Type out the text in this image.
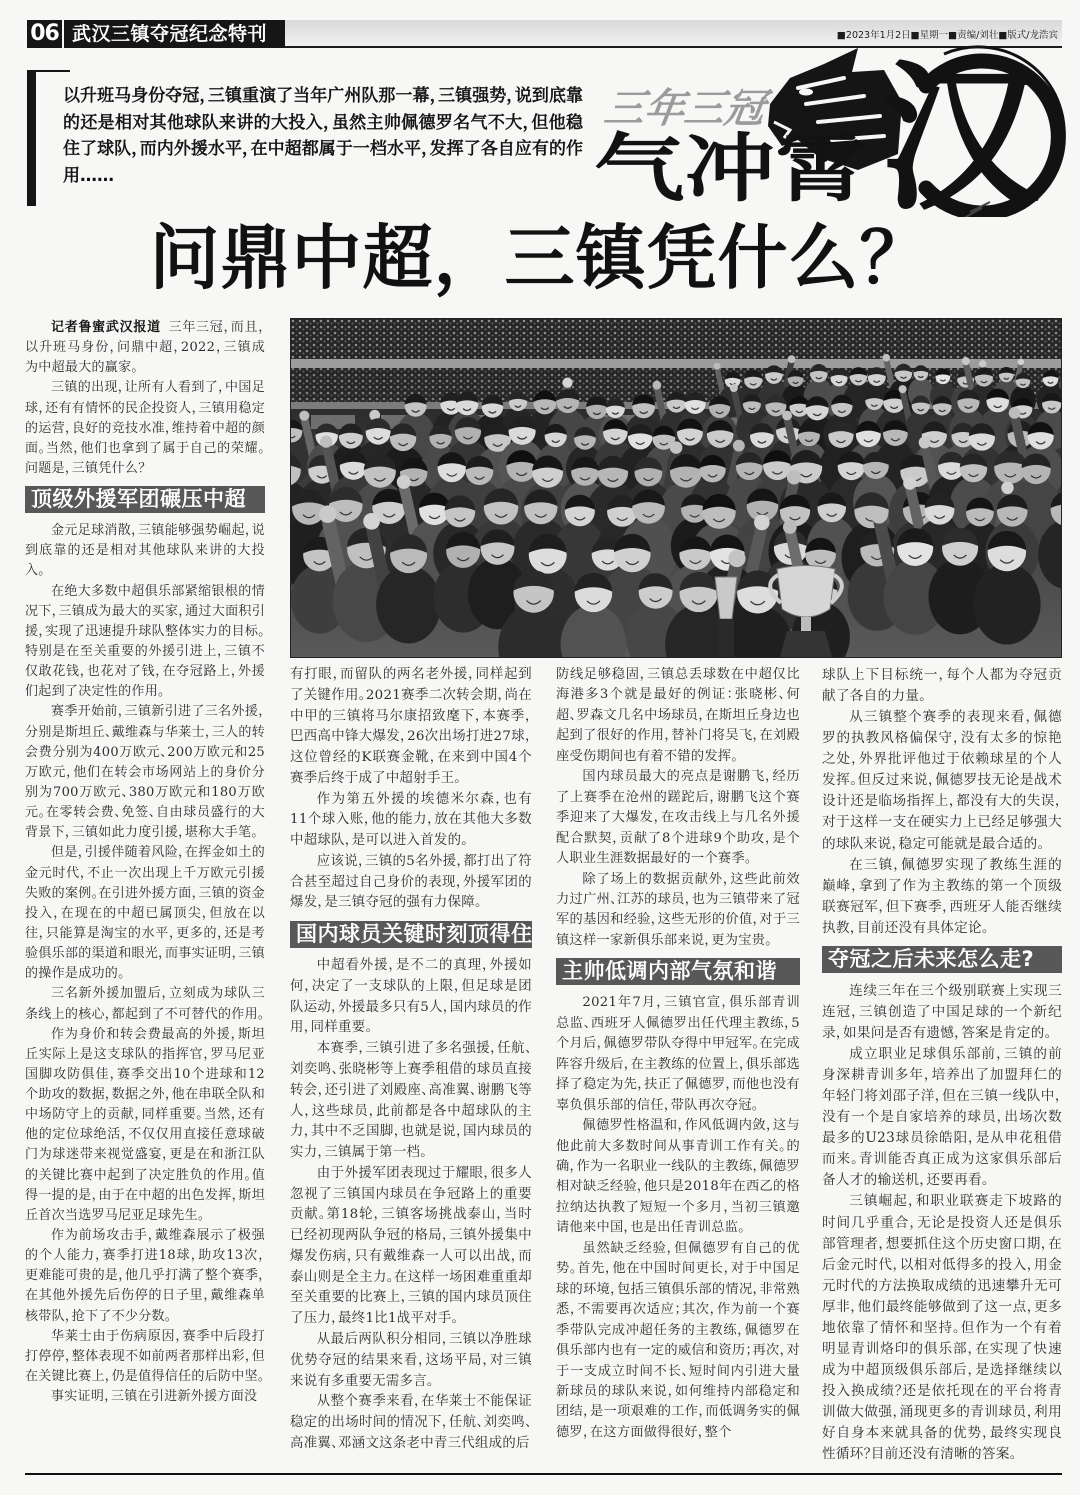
06 武汉三镇夺冠纪念特刊	■2023年1月2日■星期一■责编/刘壮■版式/龙浩宾

以升班马身份夺冠，三镇重演了当年广州队那一幕，三镇强势，说到底靠的还是相对其他球队来讲的大投入，虽然主帅佩德罗名气不大，但他稳住了球队，而内外援水平，在中超都属于一档水平，发挥了各自应有的作用……

三年三冠
气冲霄 汉
问鼎中超，三镇凭什么？

记者鲁蜜武汉报道 三年三冠，而且，以升班马身份，问鼎中超，2022，三镇成为中超最大的赢家。

三镇的出现，让所有人看到了，中国足球，还有有情怀的民企投资人，三镇用稳定的运营，良好的竞技水准，维持着中超的颜面。当然，他们也拿到了属于自己的荣耀。问题是，三镇凭什么？

顶级外援军团碾压中超

金元足球消散，三镇能够强势崛起，说到底靠的还是相对其他球队来讲的大投入。

在绝大多数中超俱乐部紧缩银根的情况下，三镇成为最大的买家，通过大面积引援，实现了迅速提升球队整体实力的目标。特别是在至关重要的外援引进上，三镇不仅敢花钱，也花对了钱，在夺冠路上，外援们起到了决定性的作用。

赛季开始前，三镇新引进了三名外援，分别是斯坦丘、戴维森与华莱士，三人的转会费分别为400万欧元、200万欧元和25万欧元，他们在转会市场网站上的身价分别为700万欧元、380万欧元和180万欧元。在零转会费、免签、自由球员盛行的大背景下，三镇如此力度引援，堪称大手笔。

但是，引援伴随着风险，在挥金如土的金元时代，不止一次出现上千万欧元引援失败的案例。在引进外援方面，三镇的资金投入，在现在的中超已属顶尖，但放在以往，只能算是淘宝的水平，更多的，还是考验俱乐部的渠道和眼光，而事实证明，三镇的操作是成功的。

三名新外援加盟后，立刻成为球队三条线上的核心，都起到了不可替代的作用。

作为身价和转会费最高的外援，斯坦丘实际上是这支球队的指挥官，罗马尼亚国脚攻防俱佳，赛季交出10个进球和12个助攻的数据，数据之外，他在串联全队和中场防守上的贡献，同样重要。当然，还有他的定位球绝活，不仅仅用直接任意球破门为球迷带来视觉盛宴，更是在和浙江队的关键比赛中起到了决定胜负的作用。值得一提的是，由于在中超的出色发挥，斯坦丘首次当选罗马尼亚足球先生。

作为前场攻击手，戴维森展示了极强的个人能力，赛季打进18球，助攻13次，更难能可贵的是，他几乎打满了整个赛季，在其他外援先后伤停的日子里，戴维森单核带队，抢下了不少分数。

华莱士由于伤病原因，赛季中后段打打停停，整体表现不如前两者那样出彩，但在关键比赛上，仍是值得信任的后防中坚。

事实证明，三镇在引进新外援方面没

有打眼，而留队的两名老外援，同样起到了关键作用。2021赛季二次转会期，尚在中甲的三镇将马尔康招致麾下，本赛季，巴西高中锋大爆发，26次出场打进27球，这位曾经的K联赛金靴，在来到中国4个赛季后终于成了中超射手王。

作为第五外援的埃德米尔森，也有11个球入账，他的能力，放在其他大多数中超球队，是可以进入首发的。

应该说，三镇的5名外援，都打出了符合甚至超过自己身价的表现，外援军团的爆发，是三镇夺冠的强有力保障。

国内球员关键时刻顶得住

中超看外援，是不二的真理，外援如何，决定了一支球队的上限，但足球是团队运动，外援最多只有5人，国内球员的作用，同样重要。

本赛季，三镇引进了多名强援，任航、刘奕鸣、张晓彬等上赛季租借的球员直接转会，还引进了刘殿座、高准翼、谢鹏飞等人，这些球员，此前都是各中超球队的主力，其中不乏国脚，也就是说，国内球员的实力，三镇属于第一档。

由于外援军团表现过于耀眼，很多人忽视了三镇国内球员在争冠路上的重要贡献。第18轮，三镇客场挑战泰山，当时已经初现两队争冠的格局，三镇外援集中爆发伤病，只有戴维森一人可以出战，而泰山则是全主力。在这样一场困难重重却至关重要的比赛上，三镇的国内球员顶住了压力，最终1比1战平对手。

从最后两队积分相同，三镇以净胜球优势夺冠的结果来看，这场平局，对三镇来说有多重要无需多言。

从整个赛季来看，在华莱士不能保证稳定的出场时间的情况下，任航、刘奕鸣、高准翼、邓涵文这条老中青三代组成的后

防线足够稳固，三镇总丢球数在中超仅比海港多3个就是最好的例证：张晓彬、何超、罗森文几名中场球员，在斯坦丘身边也起到了很好的作用，替补门将吴飞，在刘殿座受伤期间也有着不错的发挥。

国内球员最大的亮点是谢鹏飞，经历了上赛季在沧州的蹉跎后，谢鹏飞这个赛季迎来了大爆发，在攻击线上与几名外援配合默契，贡献了8个进球9个助攻，是个人职业生涯数据最好的一个赛季。

除了场上的数据贡献外，这些此前效力过广州、江苏的球员，也为三镇带来了冠军的基因和经验，这些无形的价值，对于三镇这样一家新俱乐部来说，更为宝贵。

主帅低调内部气氛和谐

2021年7月，三镇官宣，俱乐部青训总监、西班牙人佩德罗出任代理主教练，5个月后，佩德罗带队夺得中甲冠军。在完成阵容升级后，在主教练的位置上，俱乐部选择了稳定为先，扶正了佩德罗，而他也没有辜负俱乐部的信任，带队再次夺冠。

佩德罗性格温和，作风低调内敛，这与他此前大多数时间从事青训工作有关。的确，作为一名职业一线队的主教练，佩德罗相对缺乏经验，他只是2018年在西乙的格拉纳达执教了短短一个多月，当初三镇邀请他来中国，也是出任青训总监。

虽然缺乏经验，但佩德罗有自己的优势。首先，他在中国时间更长，对于中国足球的环境，包括三镇俱乐部的情况，非常熟悉，不需要再次适应；其次，作为前一个赛季带队完成冲超任务的主教练，佩德罗在俱乐部内也有一定的威信和资历；再次，对于一支成立时间不长、短时间内引进大量新球员的球队来说，如何维持内部稳定和团结，是一项艰难的工作，而低调务实的佩德罗，在这方面做得很好，整个

球队上下目标统一，每个人都为夺冠贡献了各自的力量。

从三镇整个赛季的表现来看，佩德罗的执教风格偏保守，没有太多的惊艳之处，外界批评他过于依赖球星的个人发挥。但反过来说，佩德罗技无论是战术设计还是临场指挥上，都没有大的失误，对于这样一支在硬实力上已经足够强大的球队来说，稳定可能就是最合适的。

在三镇，佩德罗实现了教练生涯的巅峰，拿到了作为主教练的第一个顶级联赛冠军，但下赛季，西班牙人能否继续执教，目前还没有具体定论。

夺冠之后未来怎么走?

连续三年在三个级别联赛上实现三连冠，三镇创造了中国足球的一个新纪录，如果问是否有遗憾，答案是肯定的。

成立职业足球俱乐部前，三镇的前身深耕青训多年，培养出了加盟拜仁的年轻门将刘邵子洋，但在三镇一线队中，没有一个是自家培养的球员，出场次数最多的U23球员徐皓阳，是从申花租借而来。青训能否真正成为这家俱乐部后备人才的输送机，还要再看。

三镇崛起，和职业联赛走下坡路的时间几乎重合，无论是投资人还是俱乐部管理者，想要抓住这个历史窗口期，在后金元时代，以相对低得多的投入，用金元时代的方法换取成绩的迅速攀升无可厚非，他们最终能够做到了这一点，更多地依靠了情怀和坚持。但作为一个有着明显青训烙印的俱乐部，在实现了快速成为中超顶级俱乐部后，是选择继续以投入换成绩？还是依托现在的平台将青训做大做强，涌现更多的青训球员，利用好自身本来就具备的优势，最终实现良性循环？目前还没有清晰的答案。
